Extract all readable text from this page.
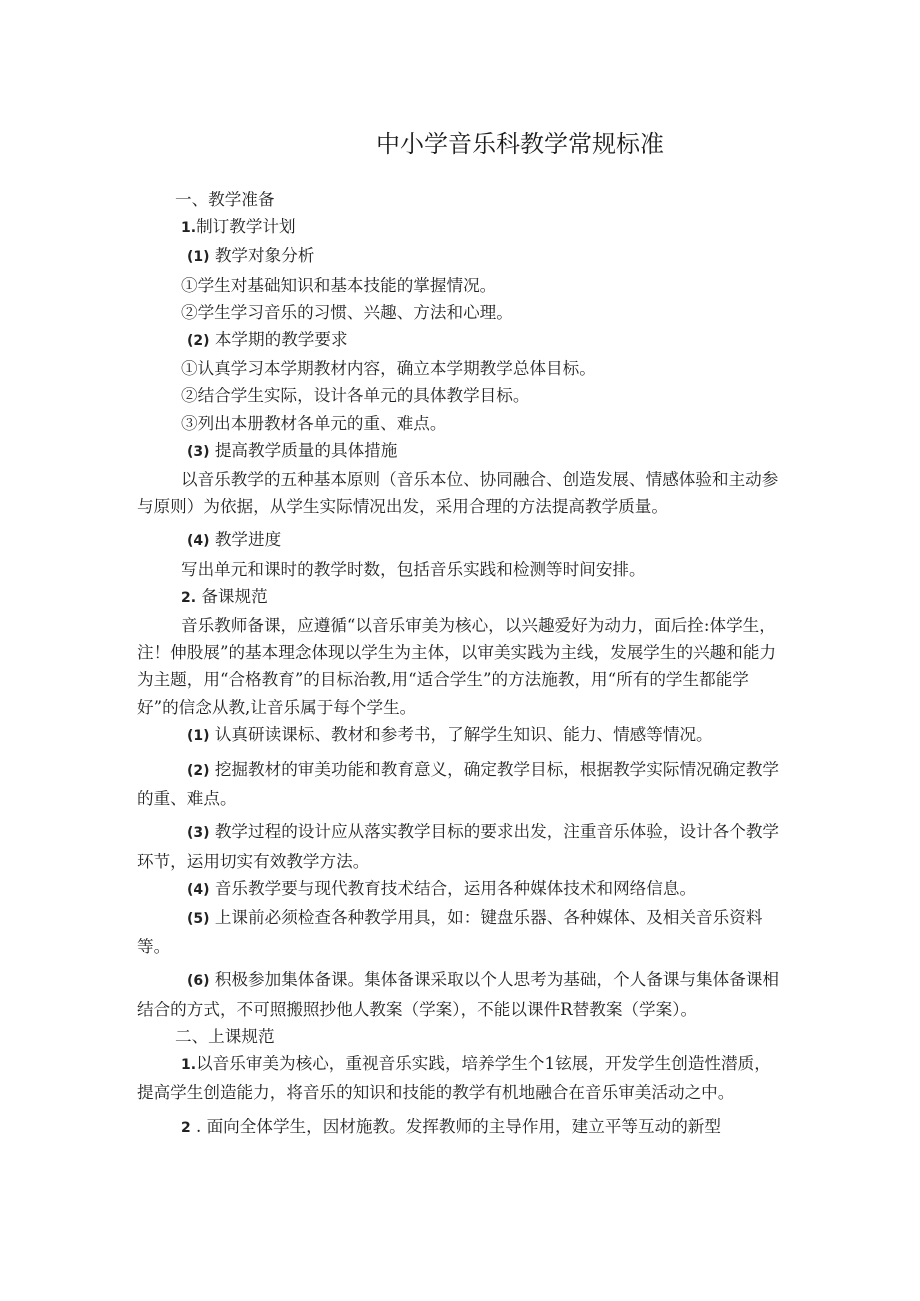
中小学音乐科教学常规标准

一、教学准备

1.制订教学计划

(1) 教学对象分析

①学生对基础知识和基本技能的掌握情况。

②学生学习音乐的习惯、兴趣、方法和心理。

(2) 本学期的教学要求

①认真学习本学期教材内容，确立本学期教学总体目标。

②结合学生实际，设计各单元的具体教学目标。

③列出本册教材各单元的重、难点。

(3) 提高教学质量的具体措施

以音乐教学的五种基本原则（音乐本位、协同融合、创造发展、情感体验和主动参与原则）为依据，从学生实际情况出发，采用合理的方法提高教学质量。

(4) 教学进度

写出单元和课时的教学时数，包括音乐实践和检测等时间安排。

2. 备课规范

音乐教师备课，应遵循“以音乐审美为核心，以兴趣爱好为动力，面后拴:体学生，注！伸股展”的基本理念体现以学生为主体，以审美实践为主线，发展学生的兴趣和能力为主题，用“合格教育”的目标治教,用“适合学生”的方法施教，用“所有的学生都能学好”的信念从教,让音乐属于每个学生。

(1) 认真研读课标、教材和参考书，了解学生知识、能力、情感等情况。

(2) 挖掘教材的审美功能和教育意义，确定教学目标，根据教学实际情况确定教学的重、难点。

(3) 教学过程的设计应从落实教学目标的要求出发，注重音乐体验，设计各个教学环节，运用切实有效教学方法。

(4) 音乐教学要与现代教育技术结合，运用各种媒体技术和网络信息。

(5) 上课前必须检查各种教学用具，如：键盘乐器、各种媒体、及相关音乐资料等。

(6) 积极参加集体备课。集体备课采取以个人思考为基础，个人备课与集体备课相结合的方式，不可照搬照抄他人教案（学案），不能以课件R替教案（学案）。

二、上课规范

1.以音乐审美为核心，重视音乐实践，培养学生个1铉展，开发学生创造性潜质，提高学生创造能力，将音乐的知识和技能的教学有机地融合在音乐审美活动之中。

2 . 面向全体学生，因材施教。发挥教师的主导作用，建立平等互动的新型
